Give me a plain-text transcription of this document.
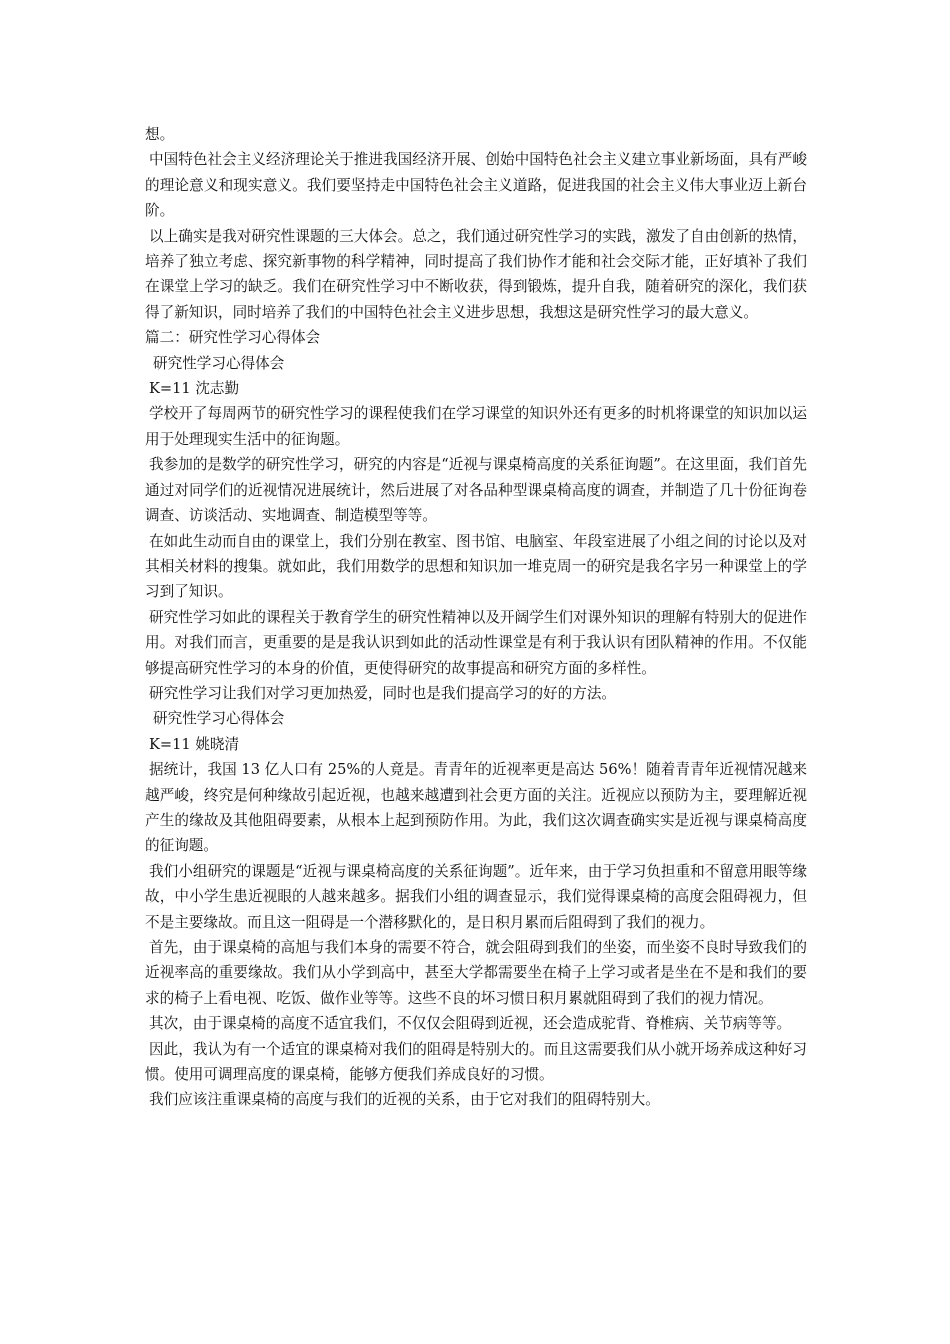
想。

中国特色社会主义经济理论关于推进我国经济开展、创始中国特色社会主义建立事业新场面，具有严峻的理论意义和现实意义。我们要坚持走中国特色社会主义道路，促进我国的社会主义伟大事业迈上新台阶。

以上确实是我对研究性课题的三大体会。总之，我们通过研究性学习的实践，激发了自由创新的热情，培养了独立考虑、探究新事物的科学精神，同时提高了我们协作才能和社会交际才能，正好填补了我们在课堂上学习的缺乏。我们在研究性学习中不断收获，得到锻炼，提升自我，随着研究的深化，我们获得了新知识，同时培养了我们的中国特色社会主义进步思想，我想这是研究性学习的最大意义。

篇二：研究性学习心得体会

研究性学习心得体会

K=11 沈志勤

学校开了每周两节的研究性学习的课程使我们在学习课堂的知识外还有更多的时机将课堂的知识加以运用于处理现实生活中的征询题。

我参加的是数学的研究性学习，研究的内容是“近视与课桌椅高度的关系征询题”。在这里面，我们首先通过对同学们的近视情况进展统计，然后进展了对各品种型课桌椅高度的调查，并制造了几十份征询卷调查、访谈活动、实地调查、制造模型等等。

在如此生动而自由的课堂上，我们分别在教室、图书馆、电脑室、年段室进展了小组之间的讨论以及对其相关材料的搜集。就如此，我们用数学的思想和知识加一堆克周一的研究是我名字另一种课堂上的学习到了知识。

研究性学习如此的课程关于教育学生的研究性精神以及开阔学生们对课外知识的理解有特别大的促进作用。对我们而言，更重要的是是我认识到如此的活动性课堂是有利于我认识有团队精神的作用。不仅能够提高研究性学习的本身的价值，更使得研究的故事提高和研究方面的多样性。

研究性学习让我们对学习更加热爱，同时也是我们提高学习的好的方法。

研究性学习心得体会

K=11 姚晓清

据统计，我国 13 亿人口有 25%的人竟是。青青年的近视率更是高达 56%！随着青青年近视情况越来越严峻，终究是何种缘故引起近视，也越来越遭到社会更方面的关注。近视应以预防为主，要理解近视产生的缘故及其他阻碍要素，从根本上起到预防作用。为此，我们这次调查确实实是近视与课桌椅高度的征询题。

我们小组研究的课题是“近视与课桌椅高度的关系征询题”。近年来，由于学习负担重和不留意用眼等缘故，中小学生患近视眼的人越来越多。据我们小组的调查显示，我们觉得课桌椅的高度会阻碍视力，但不是主要缘故。而且这一阻碍是一个潜移默化的，是日积月累而后阻碍到了我们的视力。

首先，由于课桌椅的高旭与我们本身的需要不符合，就会阻碍到我们的坐姿，而坐姿不良时导致我们的近视率高的重要缘故。我们从小学到高中，甚至大学都需要坐在椅子上学习或者是坐在不是和我们的要求的椅子上看电视、吃饭、做作业等等。这些不良的坏习惯日积月累就阻碍到了我们的视力情况。

其次，由于课桌椅的高度不适宜我们，不仅仅会阻碍到近视，还会造成驼背、脊椎病、关节病等等。

因此，我认为有一个适宜的课桌椅对我们的阻碍是特别大的。而且这需要我们从小就开场养成这种好习惯。使用可调理高度的课桌椅，能够方便我们养成良好的习惯。

我们应该注重课桌椅的高度与我们的近视的关系，由于它对我们的阻碍特别大。
